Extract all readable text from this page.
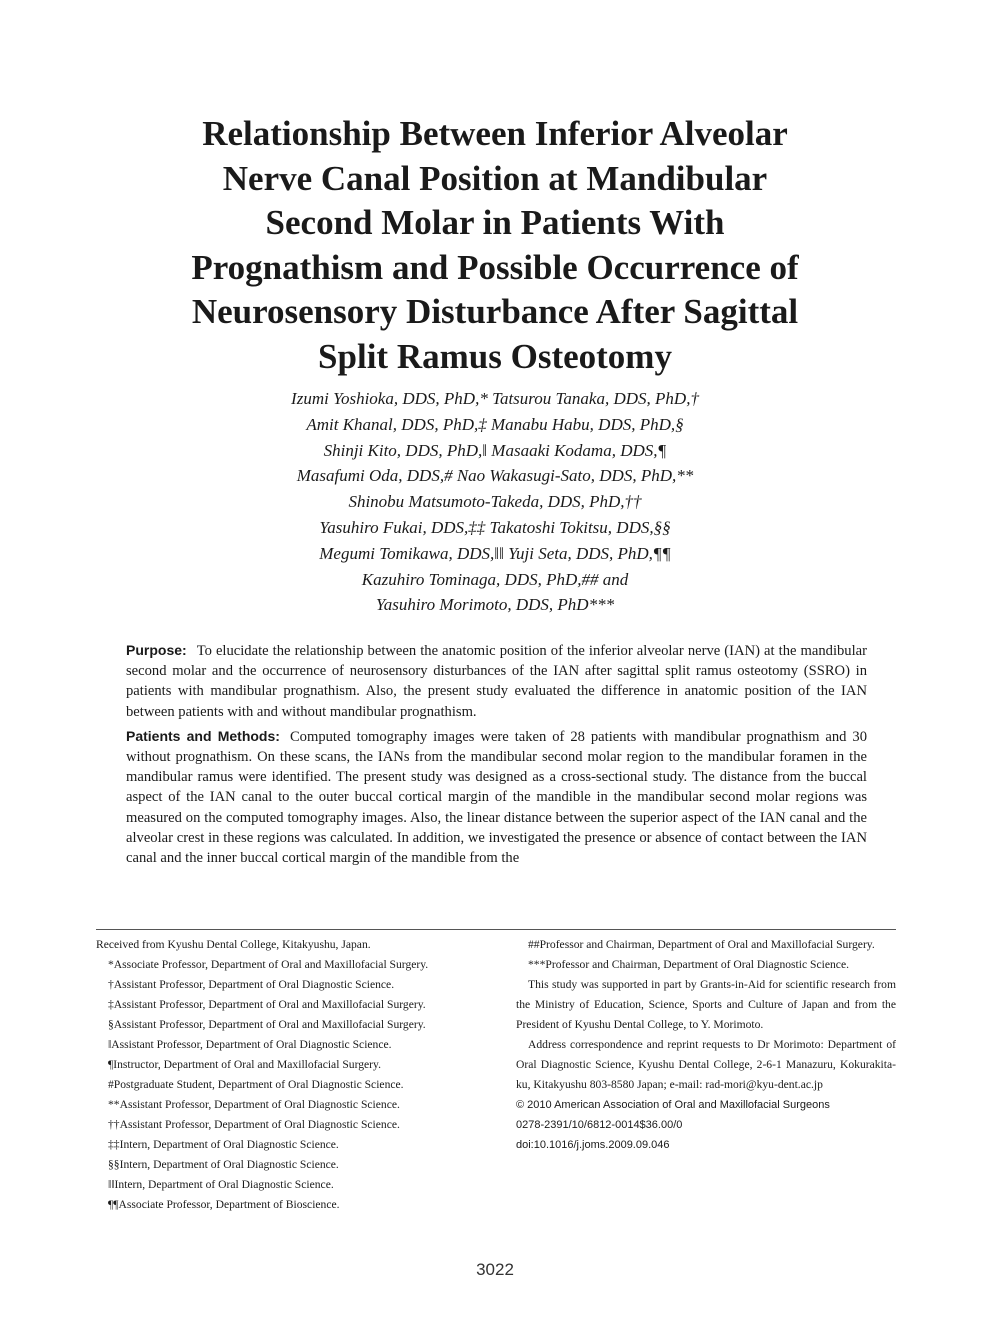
Relationship Between Inferior Alveolar
Nerve Canal Position at Mandibular
Second Molar in Patients With
Prognathism and Possible Occurrence of
Neurosensory Disturbance After Sagittal
Split Ramus Osteotomy
Izumi Yoshioka, DDS, PhD,* Tatsurou Tanaka, DDS, PhD,†
Amit Khanal, DDS, PhD,‡ Manabu Habu, DDS, PhD,§
Shinji Kito, DDS, PhD,‖ Masaaki Kodama, DDS,¶
Masafumi Oda, DDS,# Nao Wakasugi-Sato, DDS, PhD,**
Shinobu Matsumoto-Takeda, DDS, PhD,††
Yasuhiro Fukai, DDS,‡‡ Takatoshi Tokitsu, DDS,§§
Megumi Tomikawa, DDS,‖‖ Yuji Seta, DDS, PhD,¶¶
Kazuhiro Tominaga, DDS, PhD,## and
Yasuhiro Morimoto, DDS, PhD***

Purpose: To elucidate the relationship between the anatomic position of the inferior alveolar nerve (IAN) at the mandibular second molar and the occurrence of neurosensory disturbances of the IAN after sagittal split ramus osteotomy (SSRO) in patients with mandibular prognathism. Also, the present study evaluated the difference in anatomic position of the IAN between patients with and without mandibular prognathism.

Patients and Methods: Computed tomography images were taken of 28 patients with mandibular prognathism and 30 without prognathism. On these scans, the IANs from the mandibular second molar region to the mandibular foramen in the mandibular ramus were identified. The present study was designed as a cross-sectional study. The distance from the buccal aspect of the IAN canal to the outer buccal cortical margin of the mandible in the mandibular second molar regions was measured on the computed tomography images. Also, the linear distance between the superior aspect of the IAN canal and the alveolar crest in these regions was calculated. In addition, we investigated the presence or absence of contact between the IAN canal and the inner buccal cortical margin of the mandible from the

Received from Kyushu Dental College, Kitakyushu, Japan.
*Associate Professor, Department of Oral and Maxillofacial Surgery.
†Assistant Professor, Department of Oral Diagnostic Science.
‡Assistant Professor, Department of Oral and Maxillofacial Surgery.
§Assistant Professor, Department of Oral and Maxillofacial Surgery.
‖Assistant Professor, Department of Oral Diagnostic Science.
¶Instructor, Department of Oral and Maxillofacial Surgery.
#Postgraduate Student, Department of Oral Diagnostic Science.
**Assistant Professor, Department of Oral Diagnostic Science.
††Assistant Professor, Department of Oral Diagnostic Science.
‡‡Intern, Department of Oral Diagnostic Science.
§§Intern, Department of Oral Diagnostic Science.
‖‖Intern, Department of Oral Diagnostic Science.
¶¶Associate Professor, Department of Bioscience.

##Professor and Chairman, Department of Oral and Maxillofacial Surgery.

***Professor and Chairman, Department of Oral Diagnostic Science.

This study was supported in part by Grants-in-Aid for scientific research from the Ministry of Education, Science, Sports and Culture of Japan and from the President of Kyushu Dental College, to Y. Morimoto.

Address correspondence and reprint requests to Dr Morimoto: Department of Oral Diagnostic Science, Kyushu Dental College, 2-6-1 Manazuru, Kokurakita-ku, Kitakyushu 803-8580 Japan; e-mail: rad-mori@kyu-dent.ac.jp

© 2010 American Association of Oral and Maxillofacial Surgeons

0278-2391/10/6812-0014$36.00/0

doi:10.1016/j.joms.2009.09.046

3022
